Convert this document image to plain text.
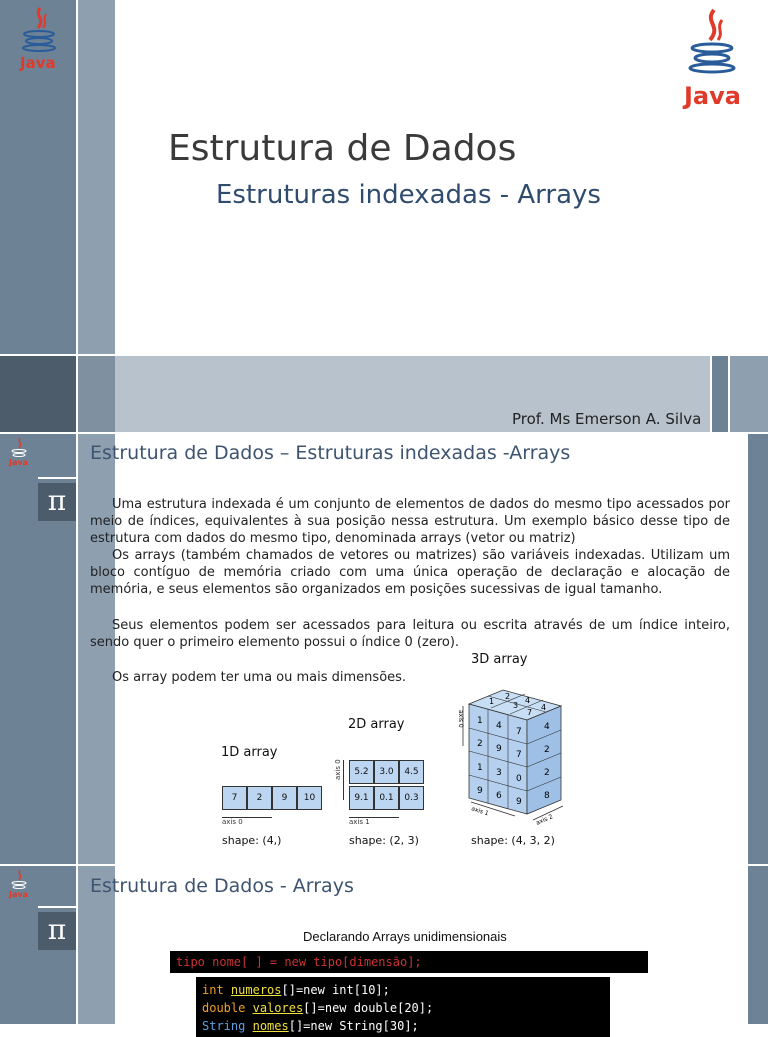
Java
Java
Estrutura de Dados
Estruturas indexadas - Arrays
Prof. Ms Emerson A. Silva
Java
π
Estrutura de Dados – Estruturas indexadas -Arrays
Uma estrutura indexada é um conjunto de elementos de dados do mesmo tipo acessados por meio de índices, equivalentes à sua posição nessa estrutura. Um exemplo básico desse tipo de estrutura com dados do mesmo tipo, denominada arrays (vetor ou matriz)
Os arrays (também chamados de vetores ou matrizes) são variáveis indexadas. Utilizam um bloco contíguo de memória criado com uma única operação de declaração e alocação de memória, e seus elementos são organizados em posições sucessivas de igual tamanho.
Seus elementos podem ser acessados para leitura ou escrita através de um índice inteiro, sendo quer o primeiro elemento possui o índice 0 (zero).
Os array podem ter uma ou mais dimensões.
1D array
7	2	9	10
axis 0
shape: (4,)
2D array
5.2	3.0	4.5
9.1	0.1	0.3
axis 0
axis 1
shape: (2, 3)
3D array
1 4
7
2 9
7
1 3
0
9 6
9
4
2
2
8
1
2
3
4
7
4
axis 0
axis 1
axis 2
shape: (4, 3, 2)
Java
π
Estrutura de Dados - Arrays
Declarando Arrays unidimensionais
tipo nome[ ] = new tipo[dimensão];
int numeros[]=new int[10];
double valores[]=new double[20];
String nomes[]=new String[30];
